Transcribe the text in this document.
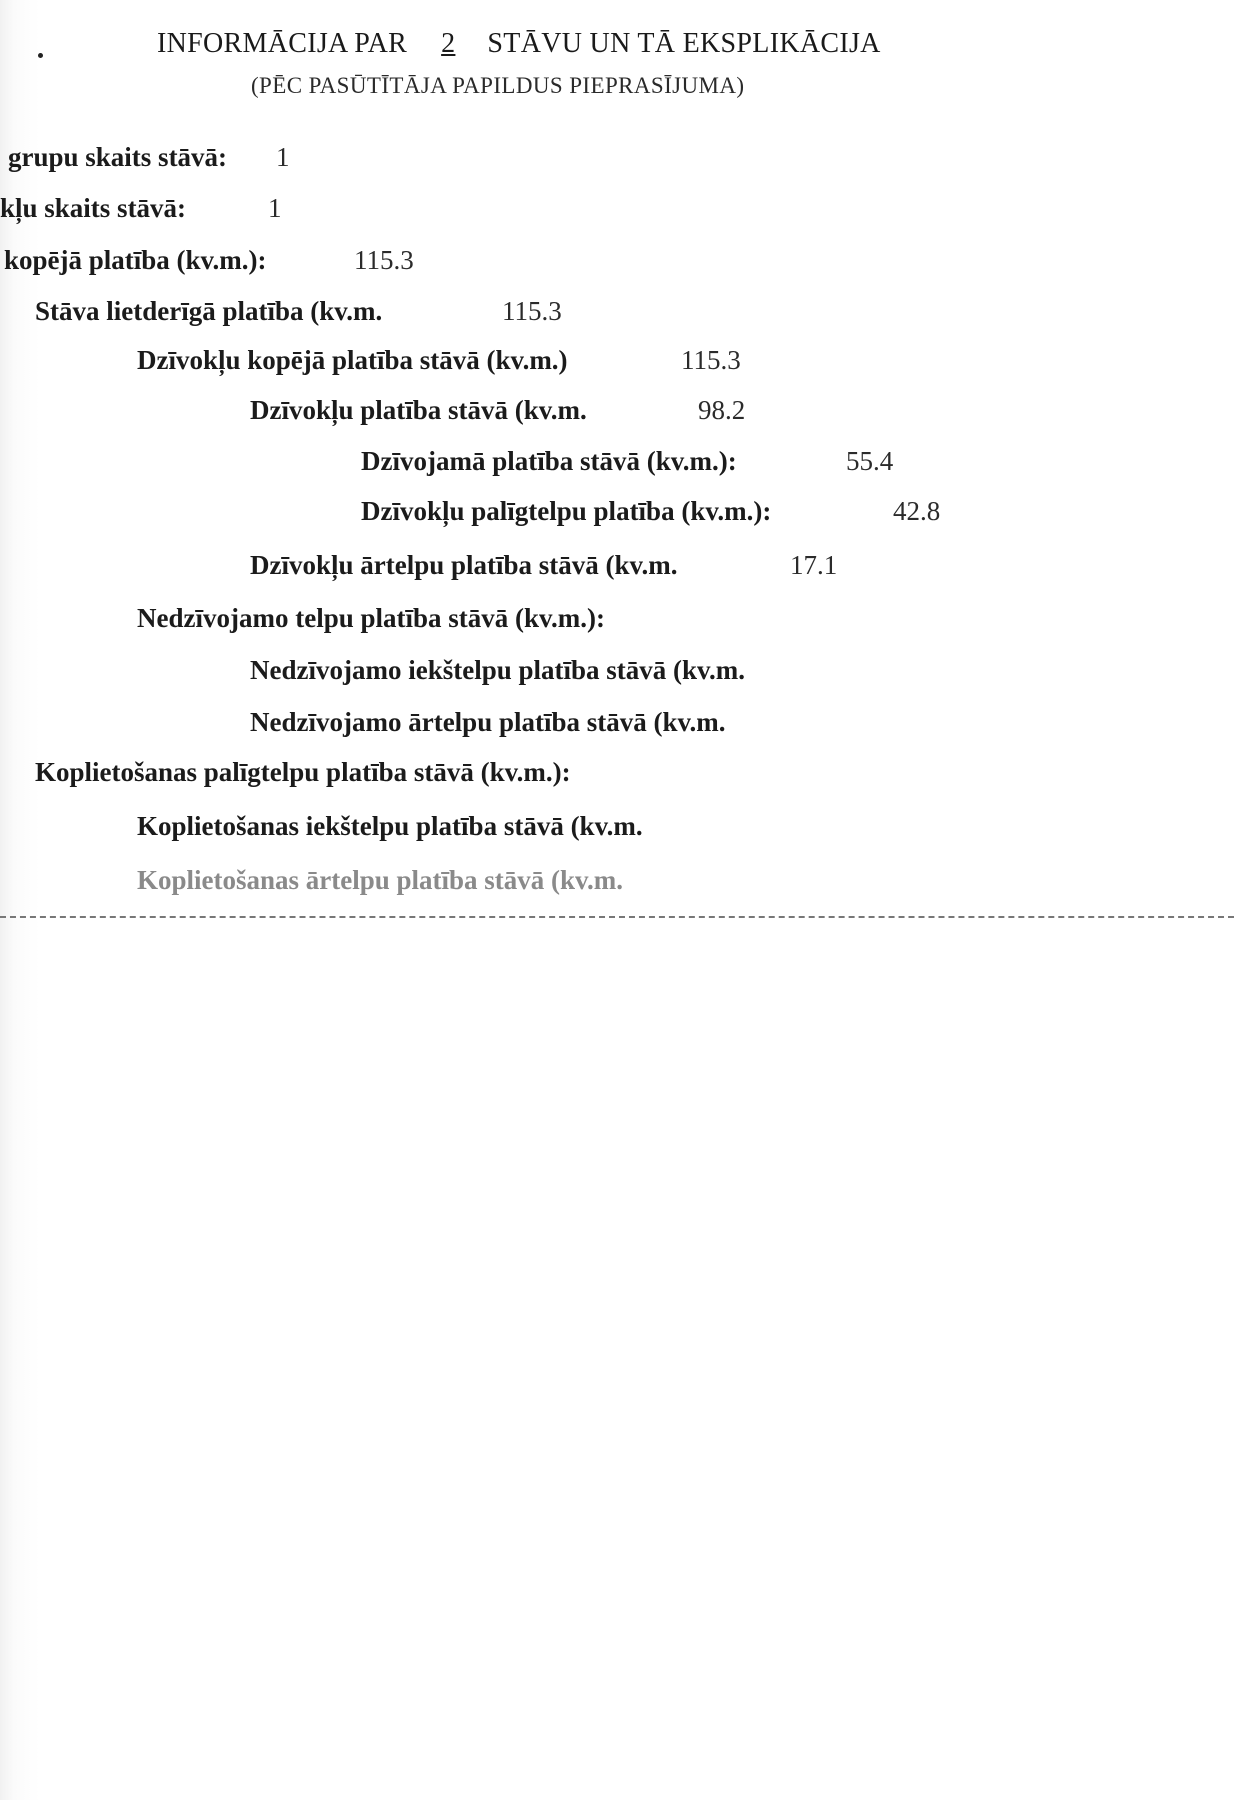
INFORMĀCIJA PAR 2 STĀVU UN TĀ EKSPLIKĀCIJA
(PĒC PASŪTĪTĀJA PAPILDUS PIEPRASĪJUMA)
grupu skaits stāvā: 1
kļu skaits stāvā:	1
kopējā platība (kv.m.):	115.3
Stāva lietderīgā platība (kv.m.	115.3
Dzīvokļu kopējā platība stāvā (kv.m.)	115.3
Dzīvokļu platība stāvā (kv.m.	98.2
Dzīvojamā platība stāvā (kv.m.):	55.4
Dzīvokļu palīgtelpu platība (kv.m.):	42.8
Dzīvokļu ārtelpu platība stāvā (kv.m.	17.1
Nedzīvojamo telpu platība stāvā (kv.m.):
Nedzīvojamo iekštelpu platība stāvā (kv.m.
Nedzīvojamo ārtelpu platība stāvā (kv.m.
Koplietošanas palīgtelpu platība stāvā (kv.m.):
Koplietošanas iekštelpu platība stāvā (kv.m.
Koplietošanas ārtelpu platība stāvā (kv.m.
